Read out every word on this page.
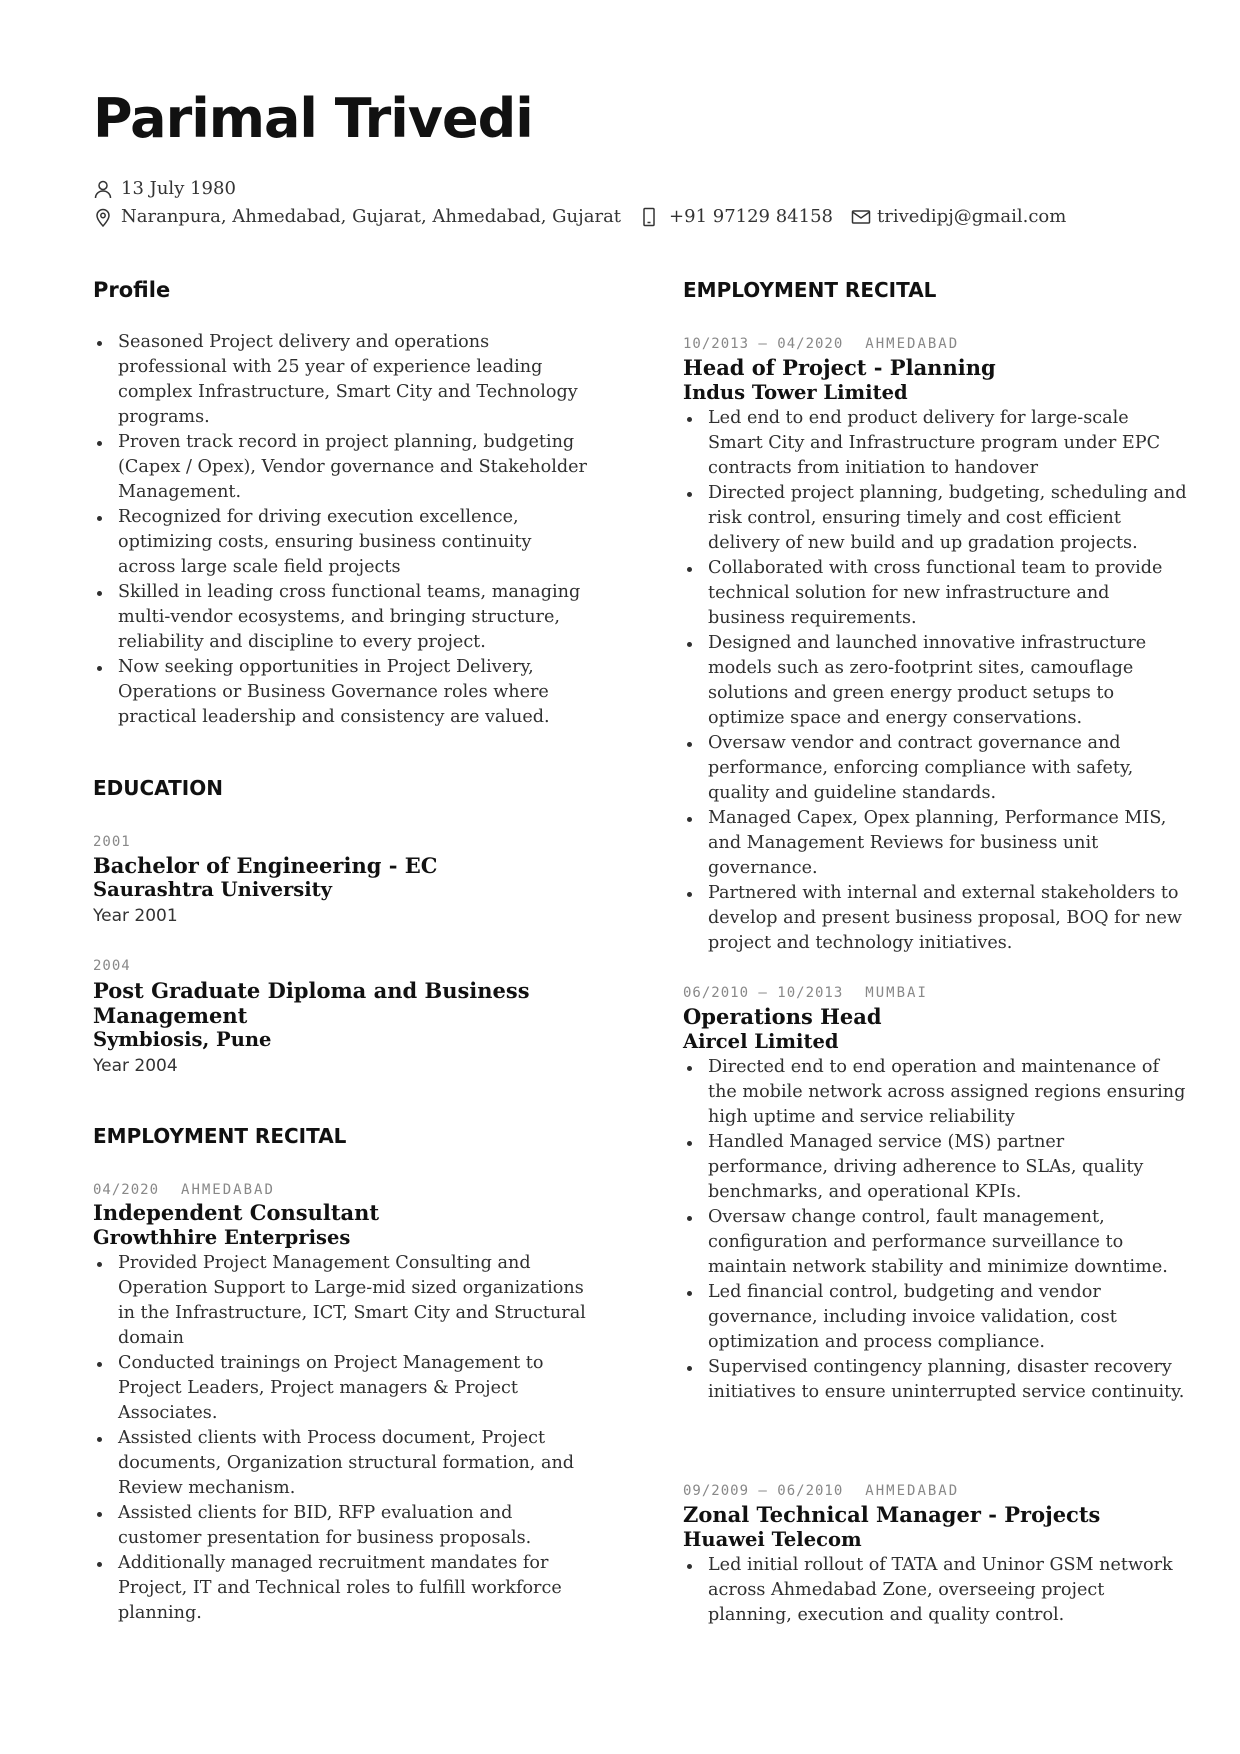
Parimal Trivedi
13 July 1980
Naranpura, Ahmedabad, Gujarat, Ahmedabad, Gujarat	+91 97129 84158 trivedipj@gmail.com
Profile
Seasoned Project delivery and operations professional with 25 year of experience leading complex Infrastructure, Smart City and Technology programs.
Proven track record in project planning, budgeting (Capex / Opex), Vendor governance and Stakeholder Management.
Recognized for driving execution excellence, optimizing costs, ensuring business continuity across large scale field projects
Skilled in leading cross functional teams, managing multi-vendor ecosystems, and bringing structure, reliability and discipline to every project.
Now seeking opportunities in Project Delivery, Operations or Business Governance roles where practical leadership and consistency are valued.
EDUCATION
2001
Bachelor of Engineering - EC
Saurashtra University
Year 2001
2004
Post Graduate Diploma and Business Management
Symbiosis, Pune
Year 2004
EMPLOYMENT RECITAL
04/2020 AHMEDABAD
Independent Consultant
Growthhire Enterprises
Provided Project Management Consulting and Operation Support to Large-mid sized organizations in the Infrastructure, ICT, Smart City and Structural domain
Conducted trainings on Project Management to Project Leaders, Project managers & Project Associates.
Assisted clients with Process document, Project documents, Organization structural formation, and Review mechanism.
Assisted clients for BID, RFP evaluation and customer presentation for business proposals.
Additionally managed recruitment mandates for Project, IT and Technical roles to fulfill workforce planning.
EMPLOYMENT RECITAL
10/2013 — 04/2020 AHMEDABAD
Head of Project - Planning
Indus Tower Limited
Led end to end product delivery for large-scale Smart City and Infrastructure program under EPC contracts from initiation to handover
Directed project planning, budgeting, scheduling and risk control, ensuring timely and cost efficient delivery of new build and up gradation projects.
Collaborated with cross functional team to provide technical solution for new infrastructure and business requirements.
Designed and launched innovative infrastructure models such as zero-footprint sites, camouflage solutions and green energy product setups to optimize space and energy conservations.
Oversaw vendor and contract governance and performance, enforcing compliance with safety, quality and guideline standards.
Managed Capex, Opex planning, Performance MIS, and Management Reviews for business unit governance.
Partnered with internal and external stakeholders to develop and present business proposal, BOQ for new project and technology initiatives.
06/2010 — 10/2013 MUMBAI
Operations Head
Aircel Limited
Directed end to end operation and maintenance of the mobile network across assigned regions ensuring high uptime and service reliability
Handled Managed service (MS) partner performance, driving adherence to SLAs, quality benchmarks, and operational KPIs.
Oversaw change control, fault management, configuration and performance surveillance to maintain network stability and minimize downtime.
Led financial control, budgeting and vendor governance, including invoice validation, cost optimization and process compliance.
Supervised contingency planning, disaster recovery initiatives to ensure uninterrupted service continuity.
09/2009 — 06/2010 AHMEDABAD
Zonal Technical Manager - Projects
Huawei Telecom
Led initial rollout of TATA and Uninor GSM network across Ahmedabad Zone, overseeing project planning, execution and quality control.
